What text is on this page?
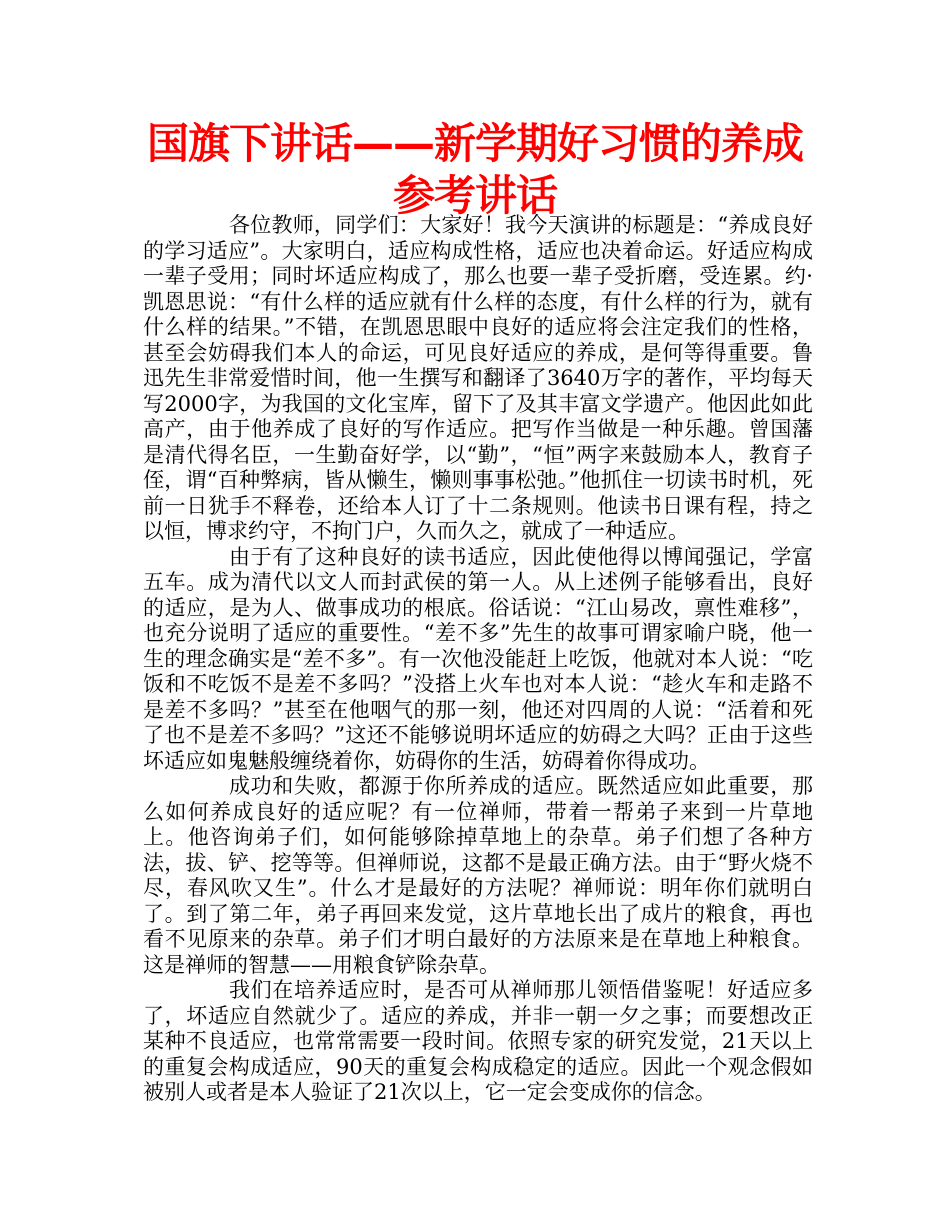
国旗下讲话——新学期好习惯的养成参考讲话

各位教师，同学们：大家好！我今天演讲的标题是：“养成良好的学习适应”。大家明白，适应构成性格，适应也决着命运。好适应构成一辈子受用；同时坏适应构成了，那么也要一辈子受折磨，受连累。约·凯恩思说：“有什么样的适应就有什么样的态度，有什么样的行为，就有什么样的结果。”不错，在凯恩思眼中良好的适应将会注定我们的性格，甚至会妨碍我们本人的命运，可见良好适应的养成，是何等得重要。鲁迅先生非常爱惜时间，他一生撰写和翻译了3640万字的著作，平均每天写2000字，为我国的文化宝库，留下了及其丰富文学遗产。他因此如此高产，由于他养成了良好的写作适应。把写作当做是一种乐趣。曾国藩是清代得名臣，一生勤奋好学，以“勤”，“恒”两字来鼓励本人，教育子侄，谓“百种弊病，皆从懒生，懒则事事松弛。”他抓住一切读书时机，死前一日犹手不释卷，还给本人订了十二条规则。他读书日课有程，持之以恒，博求约守，不拘门户，久而久之，就成了一种适应。

由于有了这种良好的读书适应，因此使他得以博闻强记，学富五车。成为清代以文人而封武侯的第一人。从上述例子能够看出，良好的适应，是为人、做事成功的根底。俗话说：“江山易改，禀性难移”，也充分说明了适应的重要性。“差不多”先生的故事可谓家喻户晓，他一生的理念确实是“差不多”。有一次他没能赶上吃饭，他就对本人说：“吃饭和不吃饭不是差不多吗？”没搭上火车也对本人说：“趁火车和走路不是差不多吗？”甚至在他咽气的那一刻，他还对四周的人说：“活着和死了也不是差不多吗？”这还不能够说明坏适应的妨碍之大吗？正由于这些坏适应如鬼魅般缠绕着你，妨碍你的生活，妨碍着你得成功。

成功和失败，都源于你所养成的适应。既然适应如此重要，那么如何养成良好的适应呢？有一位禅师，带着一帮弟子来到一片草地上。他咨询弟子们，如何能够除掉草地上的杂草。弟子们想了各种方法，拔、铲、挖等等。但禅师说，这都不是最正确方法。由于“野火烧不尽，春风吹又生”。什么才是最好的方法呢？禅师说：明年你们就明白了。到了第二年，弟子再回来发觉，这片草地长出了成片的粮食，再也看不见原来的杂草。弟子们才明白最好的方法原来是在草地上种粮食。这是禅师的智慧——用粮食铲除杂草。

我们在培养适应时，是否可从禅师那儿领悟借鉴呢！好适应多了，坏适应自然就少了。适应的养成，并非一朝一夕之事；而要想改正某种不良适应，也常常需要一段时间。依照专家的研究发觉，21天以上的重复会构成适应，90天的重复会构成稳定的适应。因此一个观念假如被别人或者是本人验证了21次以上，它一定会变成你的信念。
